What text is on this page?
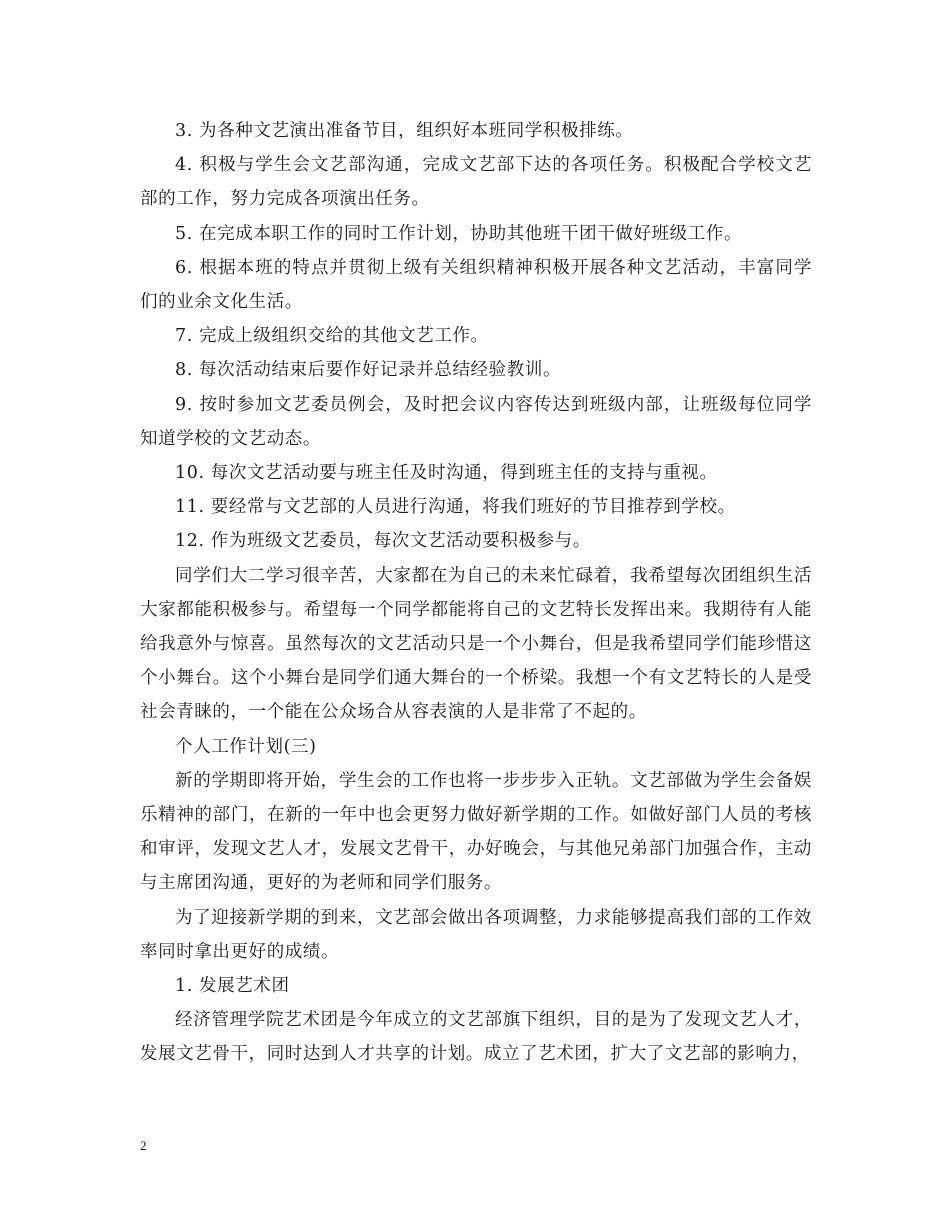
3. 为各种文艺演出准备节目，组织好本班同学积极排练。

4. 积极与学生会文艺部沟通，完成文艺部下达的各项任务。积极配合学校文艺部的工作，努力完成各项演出任务。

5. 在完成本职工作的同时工作计划，协助其他班干团干做好班级工作。

6. 根据本班的特点并贯彻上级有关组织精神积极开展各种文艺活动，丰富同学们的业余文化生活。

7. 完成上级组织交给的其他文艺工作。

8. 每次活动结束后要作好记录并总结经验教训。

9. 按时参加文艺委员例会，及时把会议内容传达到班级内部，让班级每位同学知道学校的文艺动态。

10. 每次文艺活动要与班主任及时沟通，得到班主任的支持与重视。

11. 要经常与文艺部的人员进行沟通，将我们班好的节目推荐到学校。

12. 作为班级文艺委员，每次文艺活动要积极参与。

同学们大二学习很辛苦，大家都在为自己的未来忙碌着，我希望每次团组织生活大家都能积极参与。希望每一个同学都能将自己的文艺特长发挥出来。我期待有人能给我意外与惊喜。虽然每次的文艺活动只是一个小舞台，但是我希望同学们能珍惜这个小舞台。这个小舞台是同学们通大舞台的一个桥梁。我想一个有文艺特长的人是受社会青睐的，一个能在公众场合从容表演的人是非常了不起的。

个人工作计划(三)

新的学期即将开始，学生会的工作也将一步步步入正轨。文艺部做为学生会备娱乐精神的部门，在新的一年中也会更努力做好新学期的工作。如做好部门人员的考核和审评，发现文艺人才，发展文艺骨干，办好晚会，与其他兄弟部门加强合作，主动与主席团沟通，更好的为老师和同学们服务。

为了迎接新学期的到来，文艺部会做出各项调整，力求能够提高我们部的工作效率同时拿出更好的成绩。

1. 发展艺术团

经济管理学院艺术团是今年成立的文艺部旗下组织，目的是为了发现文艺人才，发展文艺骨干，同时达到人才共享的计划。成立了艺术团，扩大了文艺部的影响力，

2
